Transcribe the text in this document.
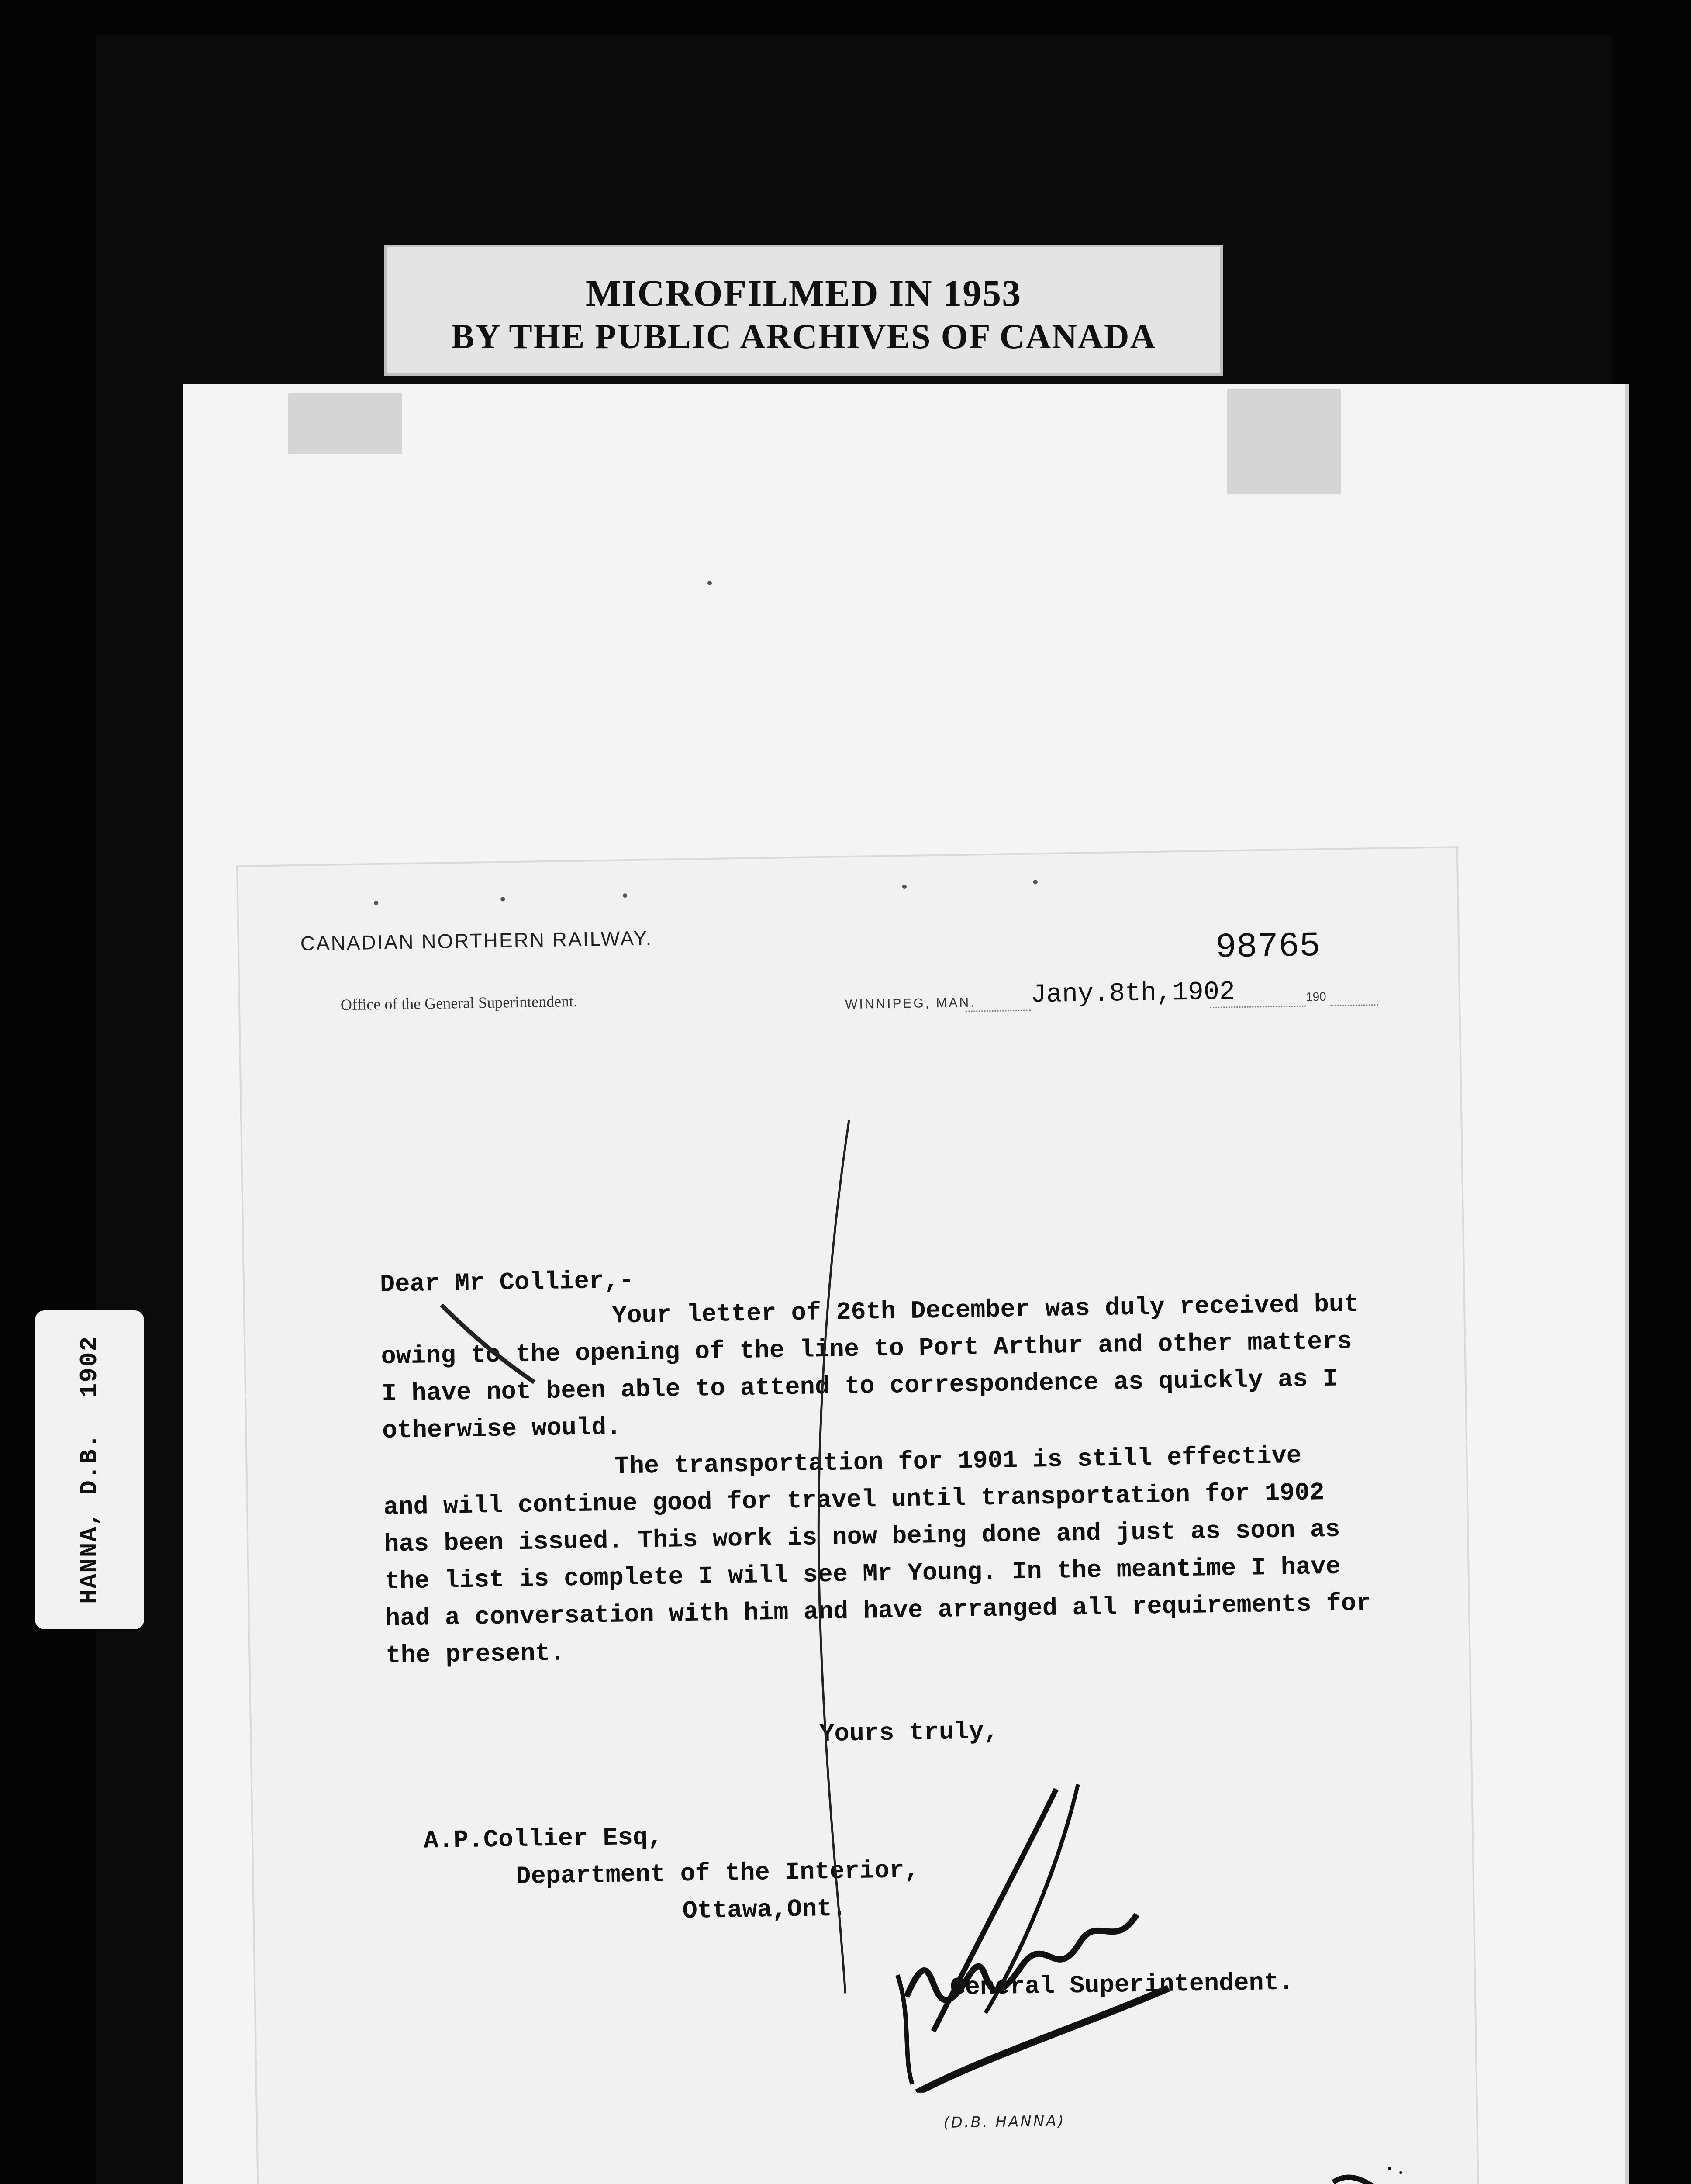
MICROFILMED IN 1953
BY THE PUBLIC ARCHIVES OF CANADA
HANNA, D.B.1902
CANADIAN NORTHERN RAILWAY.
Office of the General Superintendent.
98765
WINNIPEG, MAN. Jany.8th,1902	190
Dear Mr Collier,-
Your letter of 26th December was duly received but
owing to the opening of the line to Port Arthur and other matters
I have not been able to attend to correspondence as quickly as I
otherwise would.
The transportation for 1901 is still effective
and will continue good for travel until transportation for 1902
has been issued. This work is now being done and just as soon as
the list is complete I will see Mr Young. In the meantime I have
had a conversation with him and have arranged all requirements for
the present.
Yours truly,
A.P.Collier Esq,
Department of the Interior,
Ottawa,Ont.
General Superintendent.
(D.B. HANNA)
